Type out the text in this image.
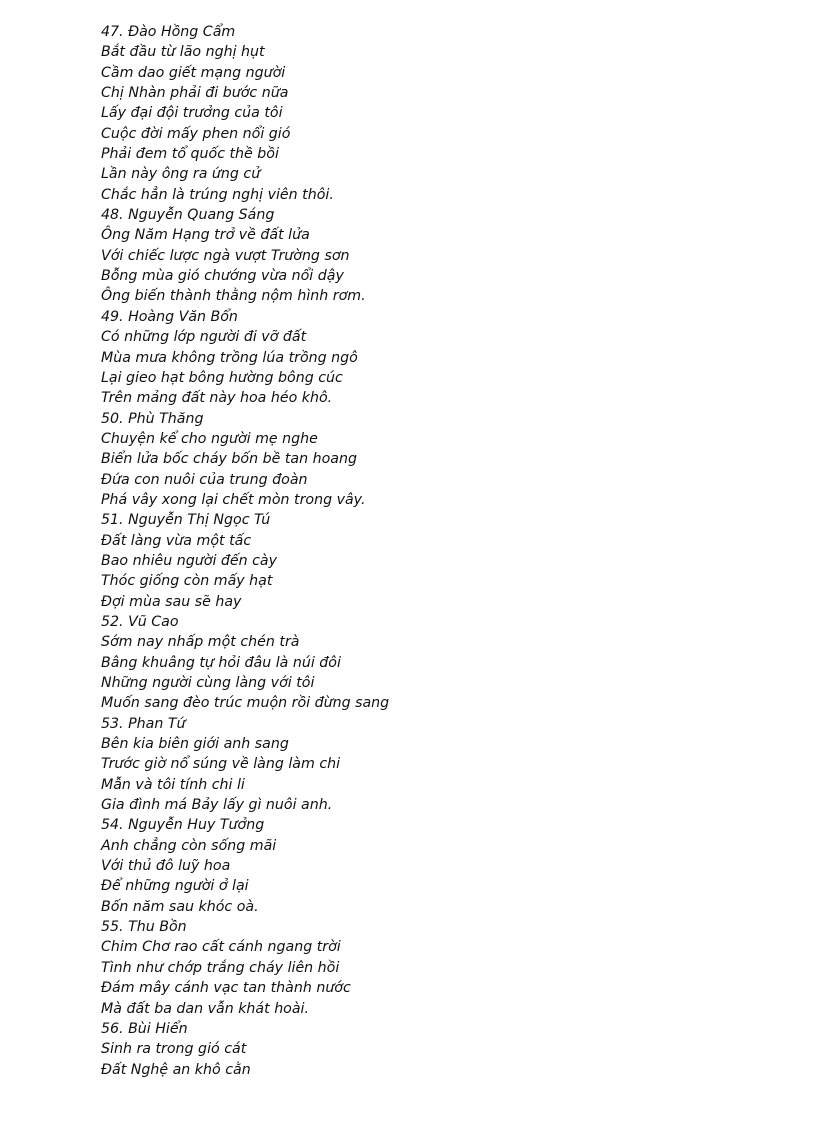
47. Đào Hồng Cẩm
Bắt đầu từ lão nghị hụt
Cầm dao giết mạng người
Chị Nhàn phải đi bước nữa
Lấy đại đội trưởng của tôi
Cuộc đời mấy phen nổi gió
Phải đem tổ quốc thề bồi
Lần này ông ra ứng cử
Chắc hẳn là trúng nghị viên thôi.
48. Nguyễn Quang Sáng
Ông Năm Hạng trở về đất lửa
Với chiếc lược ngà vượt Trường sơn
Bỗng mùa gió chướng vừa nổi dậy
Ông biến thành thằng nộm hình rơm.
49. Hoàng Văn Bổn
Có những lớp người đi vỡ đất
Mùa mưa không trồng lúa trồng ngô
Lại gieo hạt bông hường bông cúc
Trên mảng đất này hoa héo khô.
50. Phù Thăng
Chuyện kể cho người mẹ nghe
Biển lửa bốc cháy bốn bề tan hoang
Đứa con nuôi của trung đoàn
Phá vây xong lại chết mòn trong vây.
51. Nguyễn Thị Ngọc Tú
Đất làng vừa một tấc
Bao nhiêu người đến cày
Thóc giống còn mấy hạt
Đợi mùa sau sẽ hay
52. Vũ Cao
Sớm nay nhấp một chén trà
Bâng khuâng tự hỏi đâu là núi đôi
Những người cùng làng với tôi
Muốn sang đèo trúc muộn rồi đừng sang
53. Phan Tứ
Bên kia biên giới anh sang
Trước giờ nổ súng về làng làm chi
Mẫn và tôi tính chi li
Gia đình má Bảy lấy gì nuôi anh.
54. Nguyễn Huy Tưởng
Anh chẳng còn sống mãi
Với thủ đô luỹ hoa
Để những người ở lại
Bốn năm sau khóc oà.
55. Thu Bồn
Chim Chơ rao cất cánh ngang trời
Tình như chớp trắng cháy liên hồi
Đám mây cánh vạc tan thành nước
Mà đất ba dan vẫn khát hoài.
56. Bùi Hiển
Sinh ra trong gió cát
Đất Nghệ an khô cằn
